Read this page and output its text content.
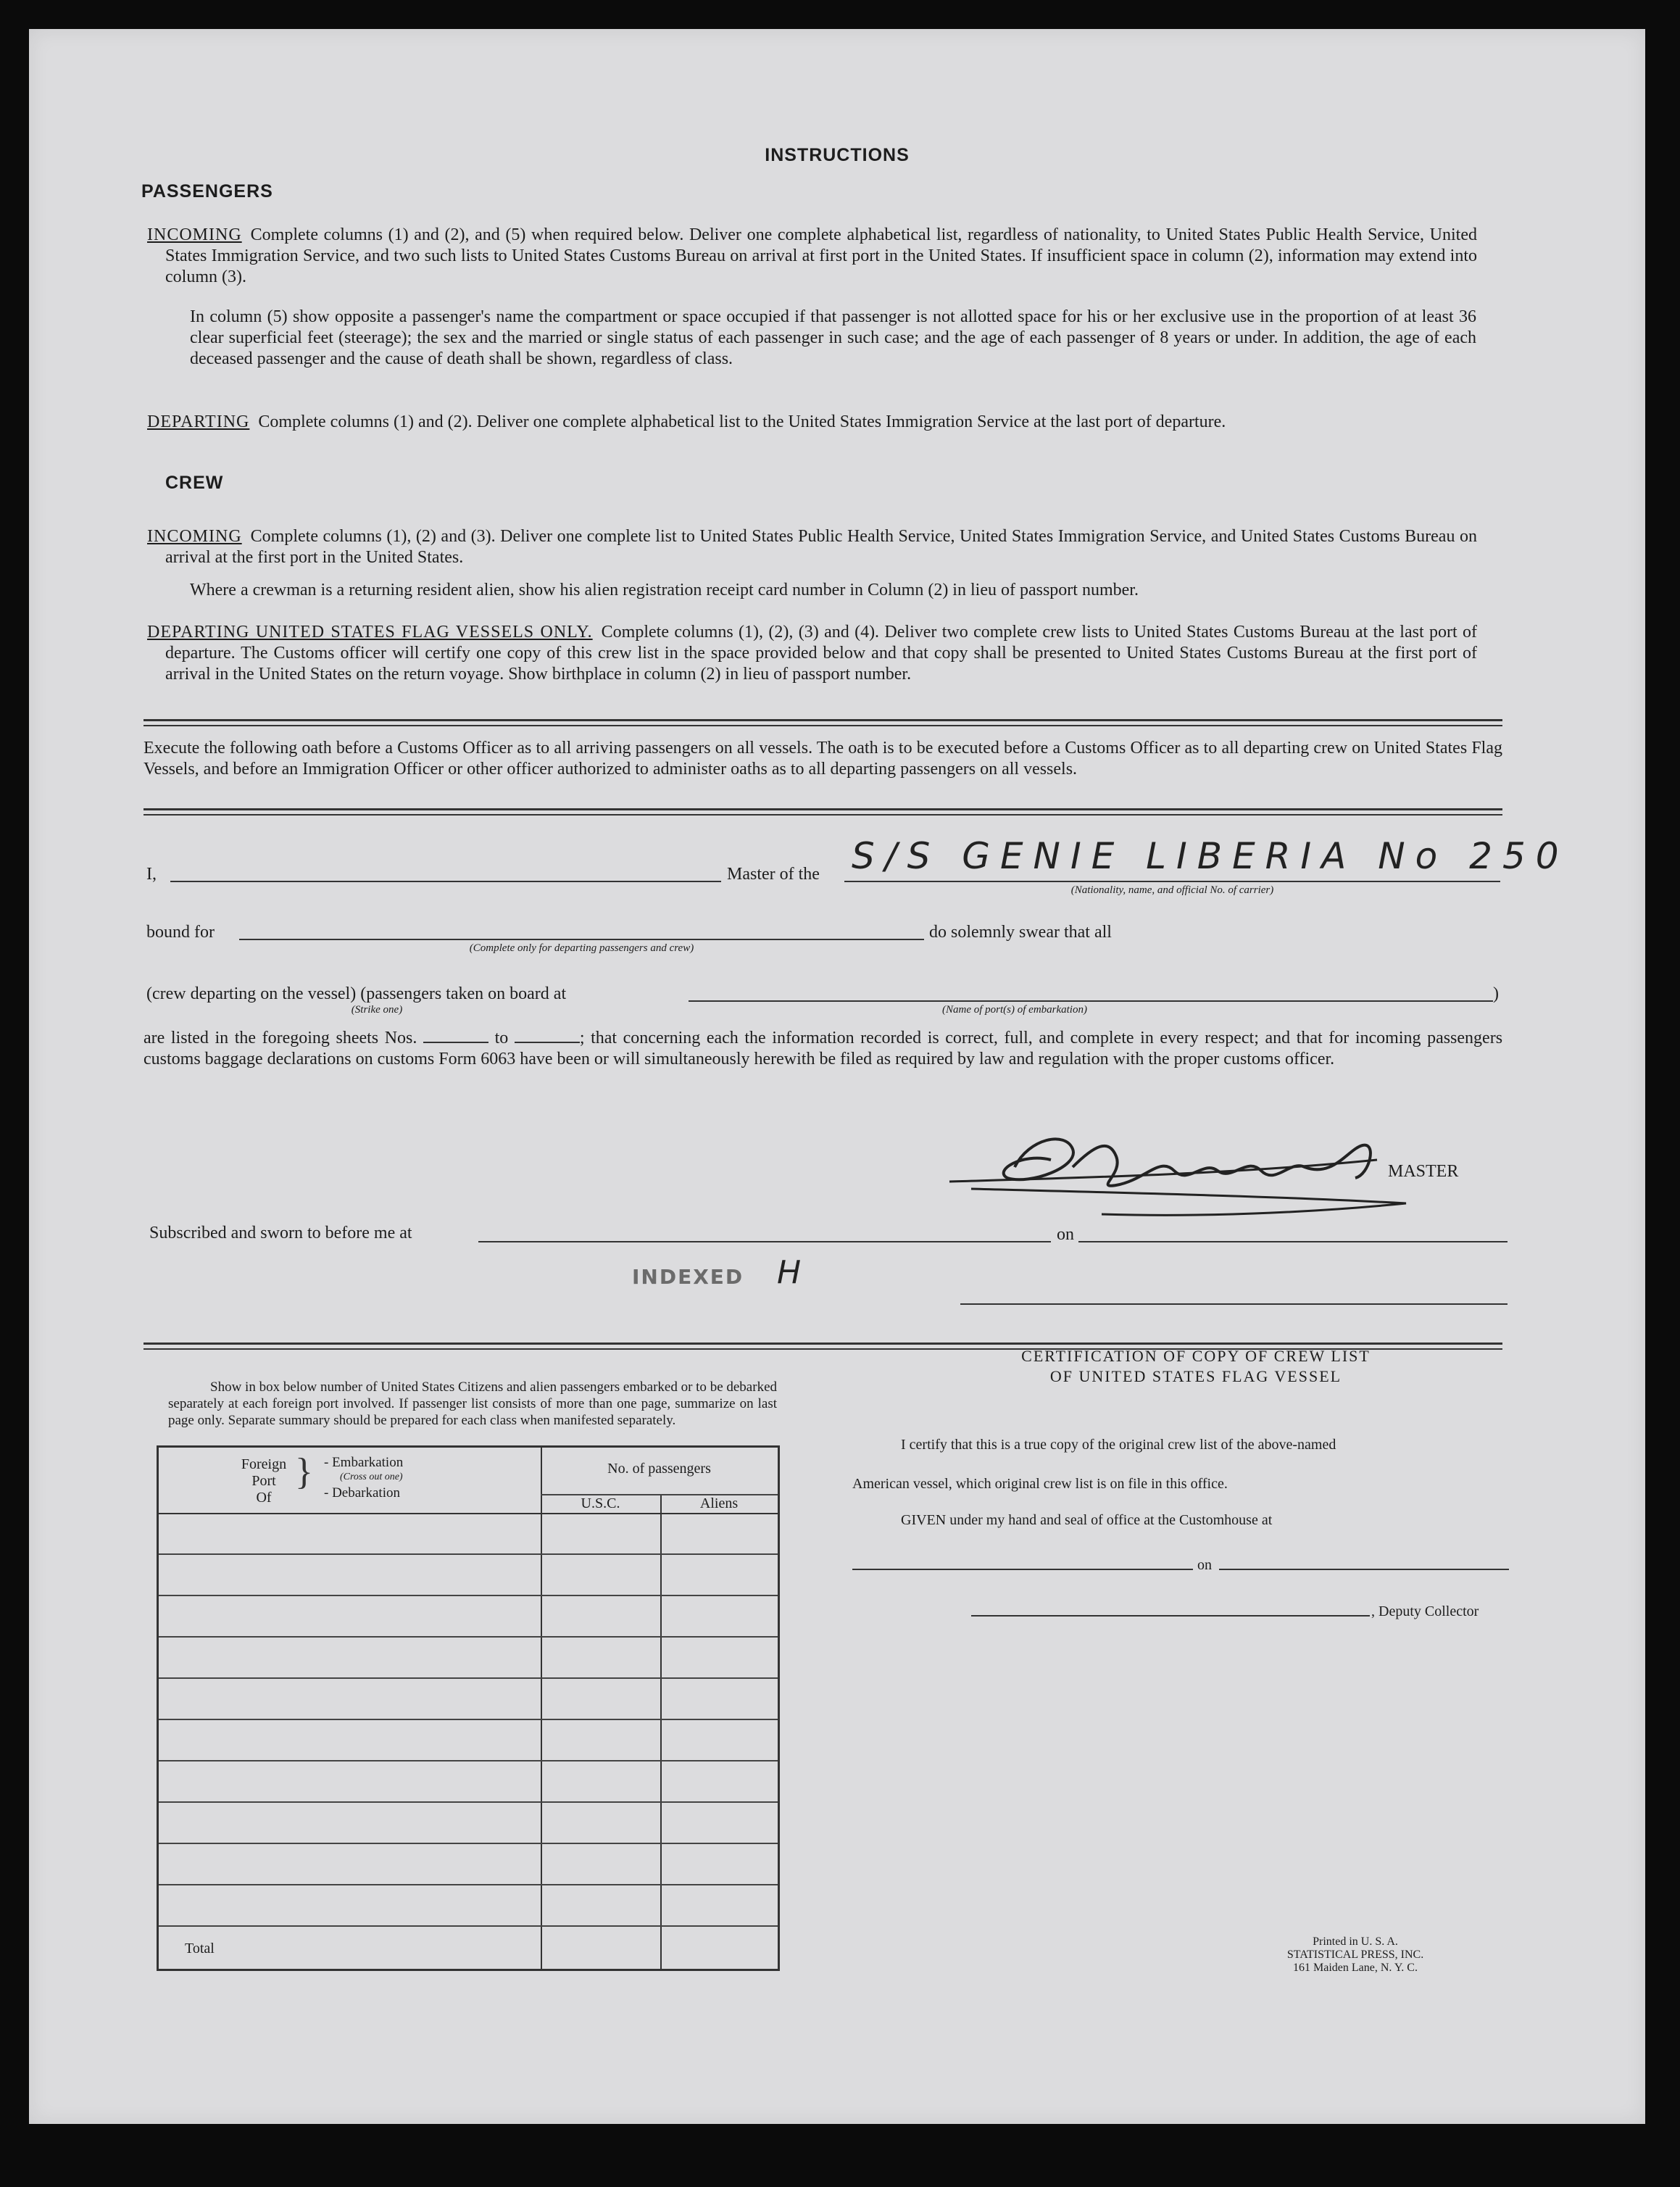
INSTRUCTIONS
PASSENGERS
INCOMING Complete columns (1) and (2), and (5) when required below. Deliver one complete alphabetical list, regardless of nationality, to United States Public Health Service, United States Immigration Service, and two such lists to United States Customs Bureau on arrival at first port in the United States. If insufficient space in column (2), information may extend into column (3).
In column (5) show opposite a passenger's name the compartment or space occupied if that passenger is not allotted space for his or her exclusive use in the proportion of at least 36 clear superficial feet (steerage); the sex and the married or single status of each passenger in such case; and the age of each passenger of 8 years or under. In addition, the age of each deceased passenger and the cause of death shall be shown, regardless of class.
DEPARTING Complete columns (1) and (2). Deliver one complete alphabetical list to the United States Immigration Service at the last port of departure.
CREW
INCOMING Complete columns (1), (2) and (3). Deliver one complete list to United States Public Health Service, United States Immigration Service, and United States Customs Bureau on arrival at the first port in the United States.
Where a crewman is a returning resident alien, show his alien registration receipt card number in Column (2) in lieu of passport number.
DEPARTING UNITED STATES FLAG VESSELS ONLY. Complete columns (1), (2), (3) and (4). Deliver two complete crew lists to United States Customs Bureau at the last port of departure. The Customs officer will certify one copy of this crew list in the space provided below and that copy shall be presented to United States Customs Bureau at the first port of arrival in the United States on the return voyage. Show birthplace in column (2) in lieu of passport number.
Execute the following oath before a Customs Officer as to all arriving passengers on all vessels. The oath is to be executed before a Customs Officer as to all departing crew on United States Flag Vessels, and before an Immigration Officer or other officer authorized to administer oaths as to all departing passengers on all vessels.
I,	Master of the S/S GENIE LIBERIA No 250
(Nationality, name, and official No. of carrier)
bound for
(Complete only for departing passengers and crew)
do solemnly swear that all
(crew departing on the vessel) (passengers taken on board at
(Strike one)
)
(Name of port(s) of embarkation)
are listed in the foregoing sheets Nos.	to	; that concerning each the information recorded is correct, full, and complete in every respect; and that for incoming passengers customs baggage declarations on customs Form 6063 have been or will simultaneously herewith be filed as required by law and regulation with the proper customs officer.
MASTER
Subscribed and sworn to before me at	on
INDEXED H
Show in box below number of United States Citizens and alien passengers embarked or to be debarked separately at each foreign port involved. If passenger list consists of more than one page, summarize on last page only. Separate summary should be prepared for each class when manifested separately.
Foreign
Port
Of
} - Embarkation
(Cross out one)
- Debarkation
No. of passengers
U.S.C.	Aliens
Total
CERTIFICATION OF COPY OF CREW LIST
OF UNITED STATES FLAG VESSEL
I certify that this is a true copy of the original crew list of the above-named
American vessel, which original crew list is on file in this office.
GIVEN under my hand and seal of office at the Customhouse at
on
, Deputy Collector
Printed in U. S. A.
STATISTICAL PRESS, INC.
161 Maiden Lane, N. Y. C.
